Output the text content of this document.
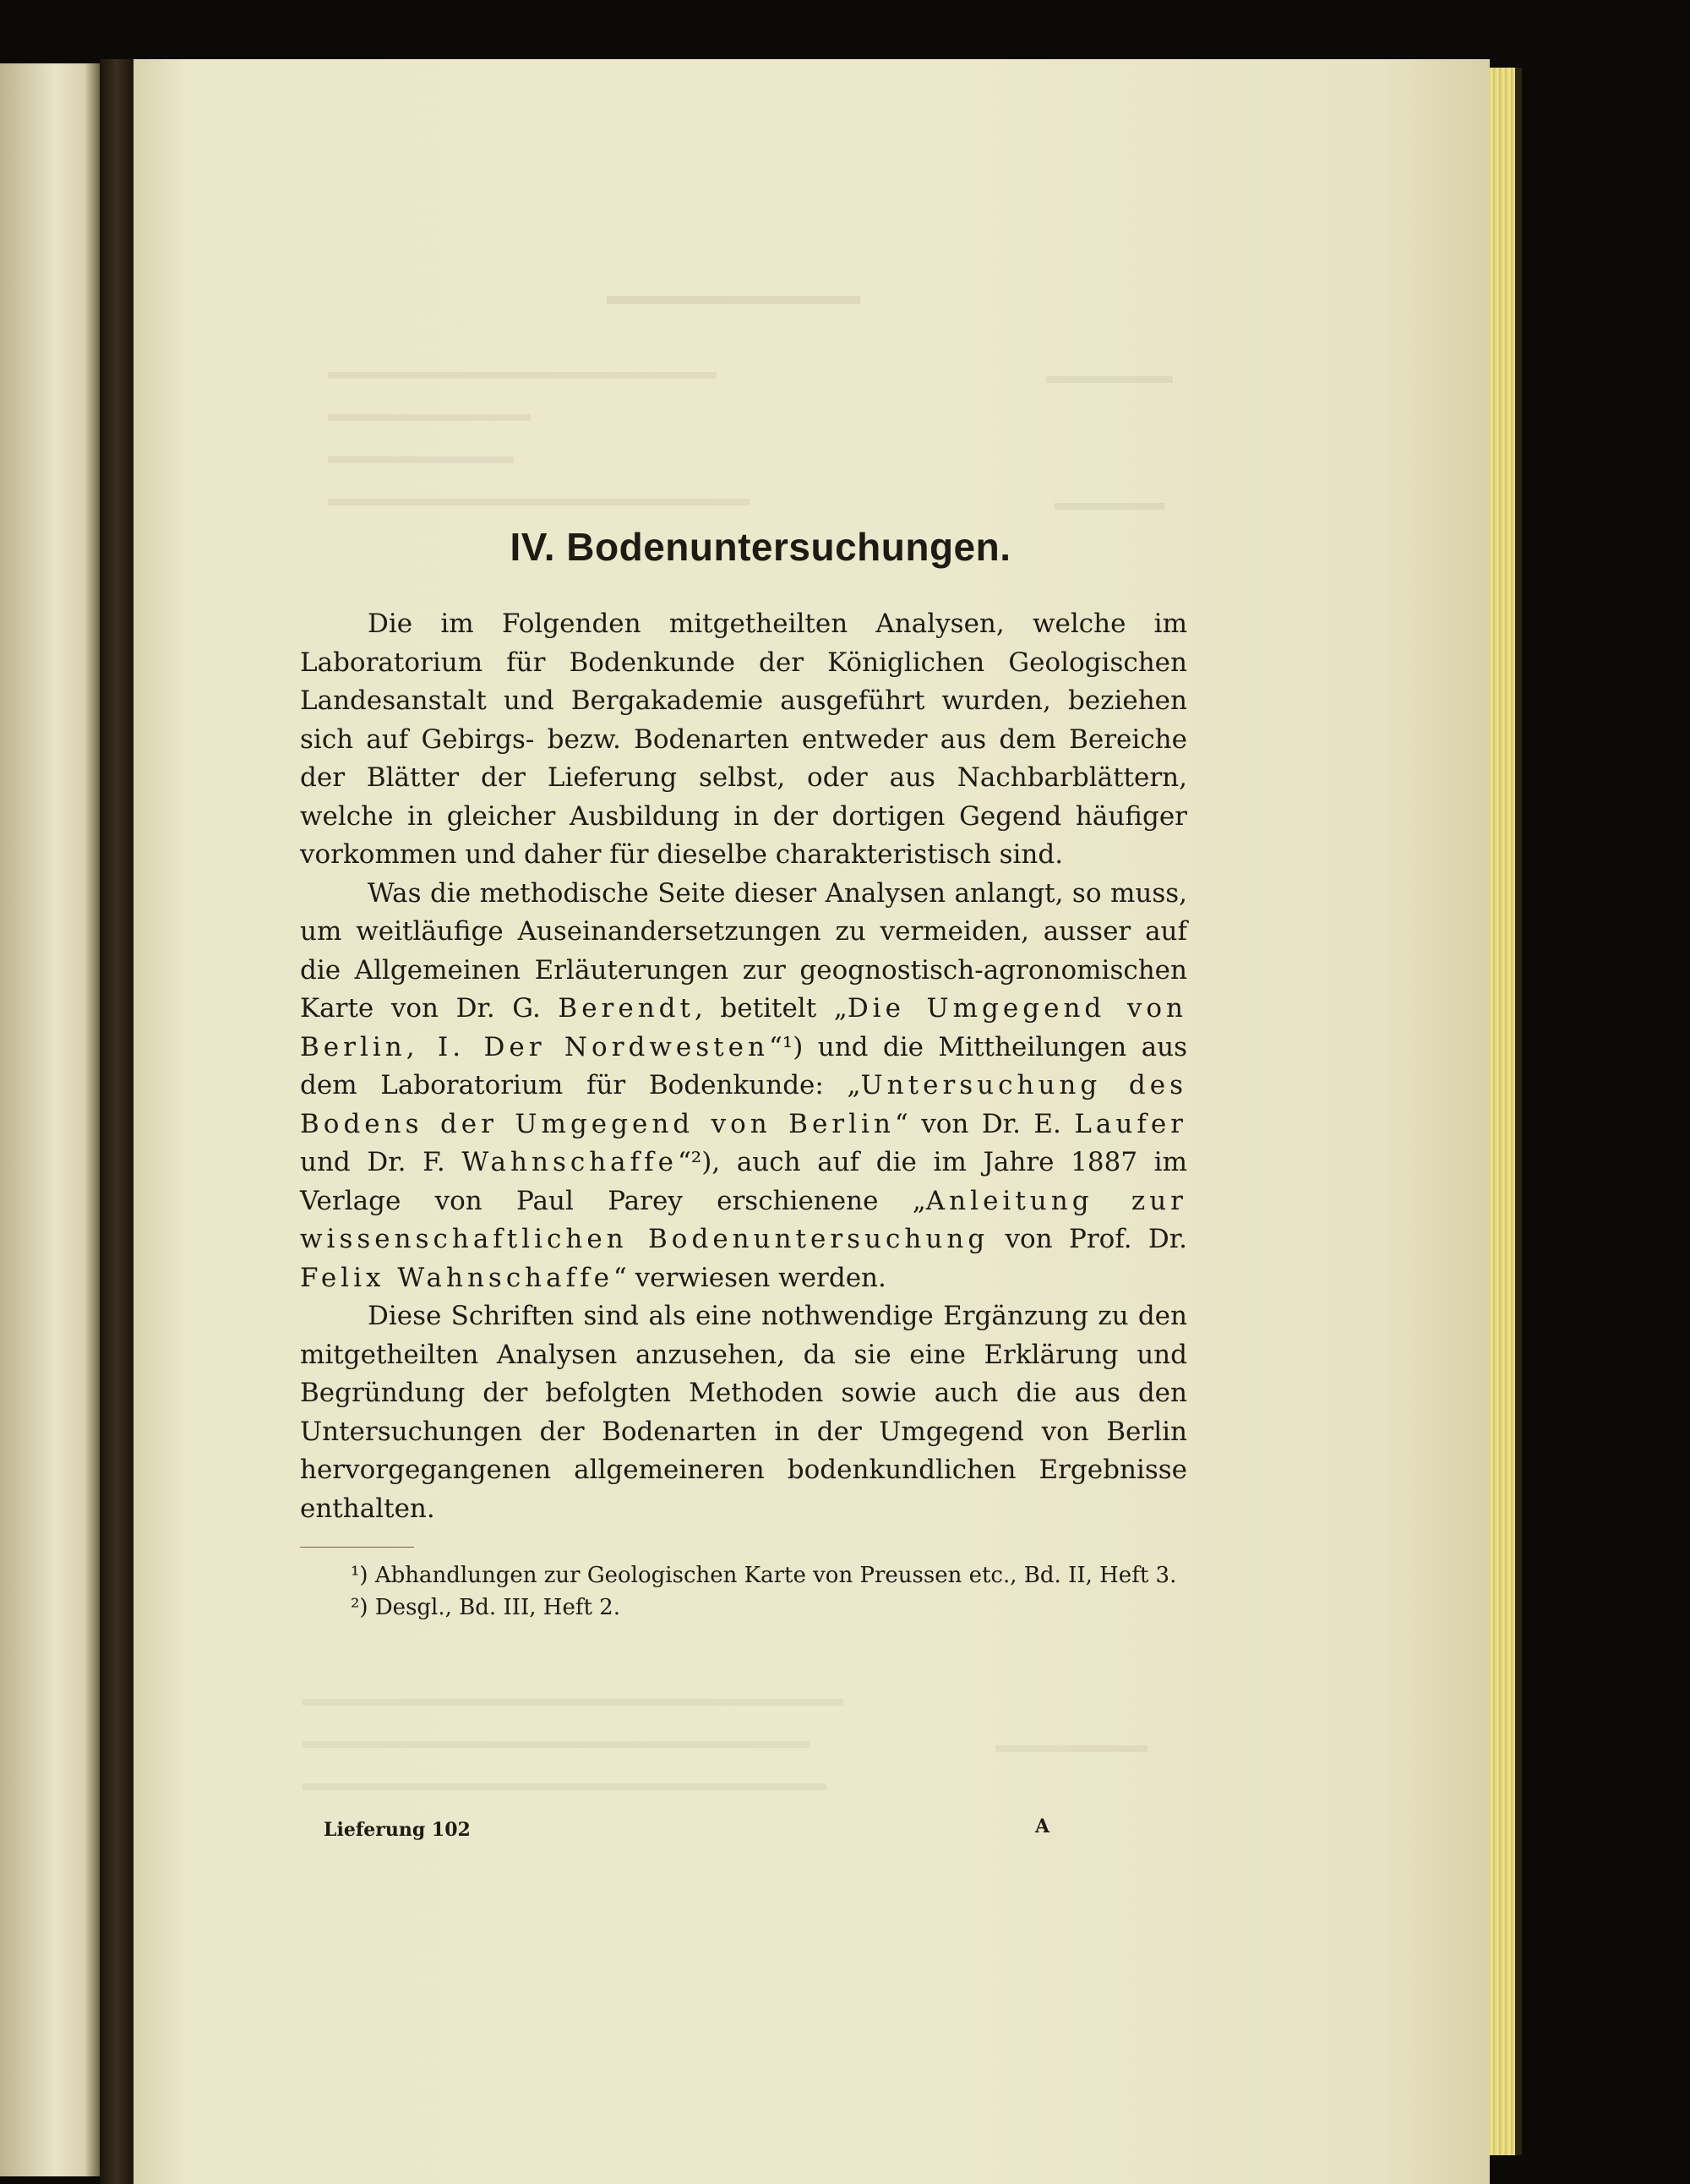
IV. Bodenuntersuchungen.

Die im Folgenden mitgetheilten Analysen, welche im Laboratorium für Bodenkunde der Königlichen Geologischen Landesanstalt und Bergakademie ausgeführt wurden, beziehen sich auf Gebirgs- bezw. Bodenarten entweder aus dem Bereiche der Blätter der Lieferung selbst, oder aus Nachbarblättern, welche in gleicher Ausbildung in der dortigen Gegend häufiger vorkommen und daher für dieselbe charakteristisch sind.

Was die methodische Seite dieser Analysen anlangt, so muss, um weitläufige Auseinandersetzungen zu vermeiden, ausser auf die Allgemeinen Erläuterungen zur geognostisch-agronomischen Karte von Dr. G. Berendt, betitelt „Die Umgegend von Berlin, I. Der Nordwesten“¹) und die Mittheilungen aus dem Laboratorium für Bodenkunde: „Untersuchung des Bodens der Umgegend von Berlin“ von Dr. E. Laufer und Dr. F. Wahnschaffe“²), auch auf die im Jahre 1887 im Verlage von Paul Parey erschienene „Anleitung zur wissenschaftlichen Bodenuntersuchung von Prof. Dr. Felix Wahnschaffe“ verwiesen werden.

Diese Schriften sind als eine nothwendige Ergänzung zu den mitgetheilten Analysen anzusehen, da sie eine Erklärung und Begründung der befolgten Methoden sowie auch die aus den Untersuchungen der Bodenarten in der Umgegend von Berlin hervorgegangenen allgemeineren bodenkundlichen Ergebnisse enthalten.

¹) Abhandlungen zur Geologischen Karte von Preussen etc., Bd. II, Heft 3.

²) Desgl., Bd. III, Heft 2.

Lieferung 102	A
